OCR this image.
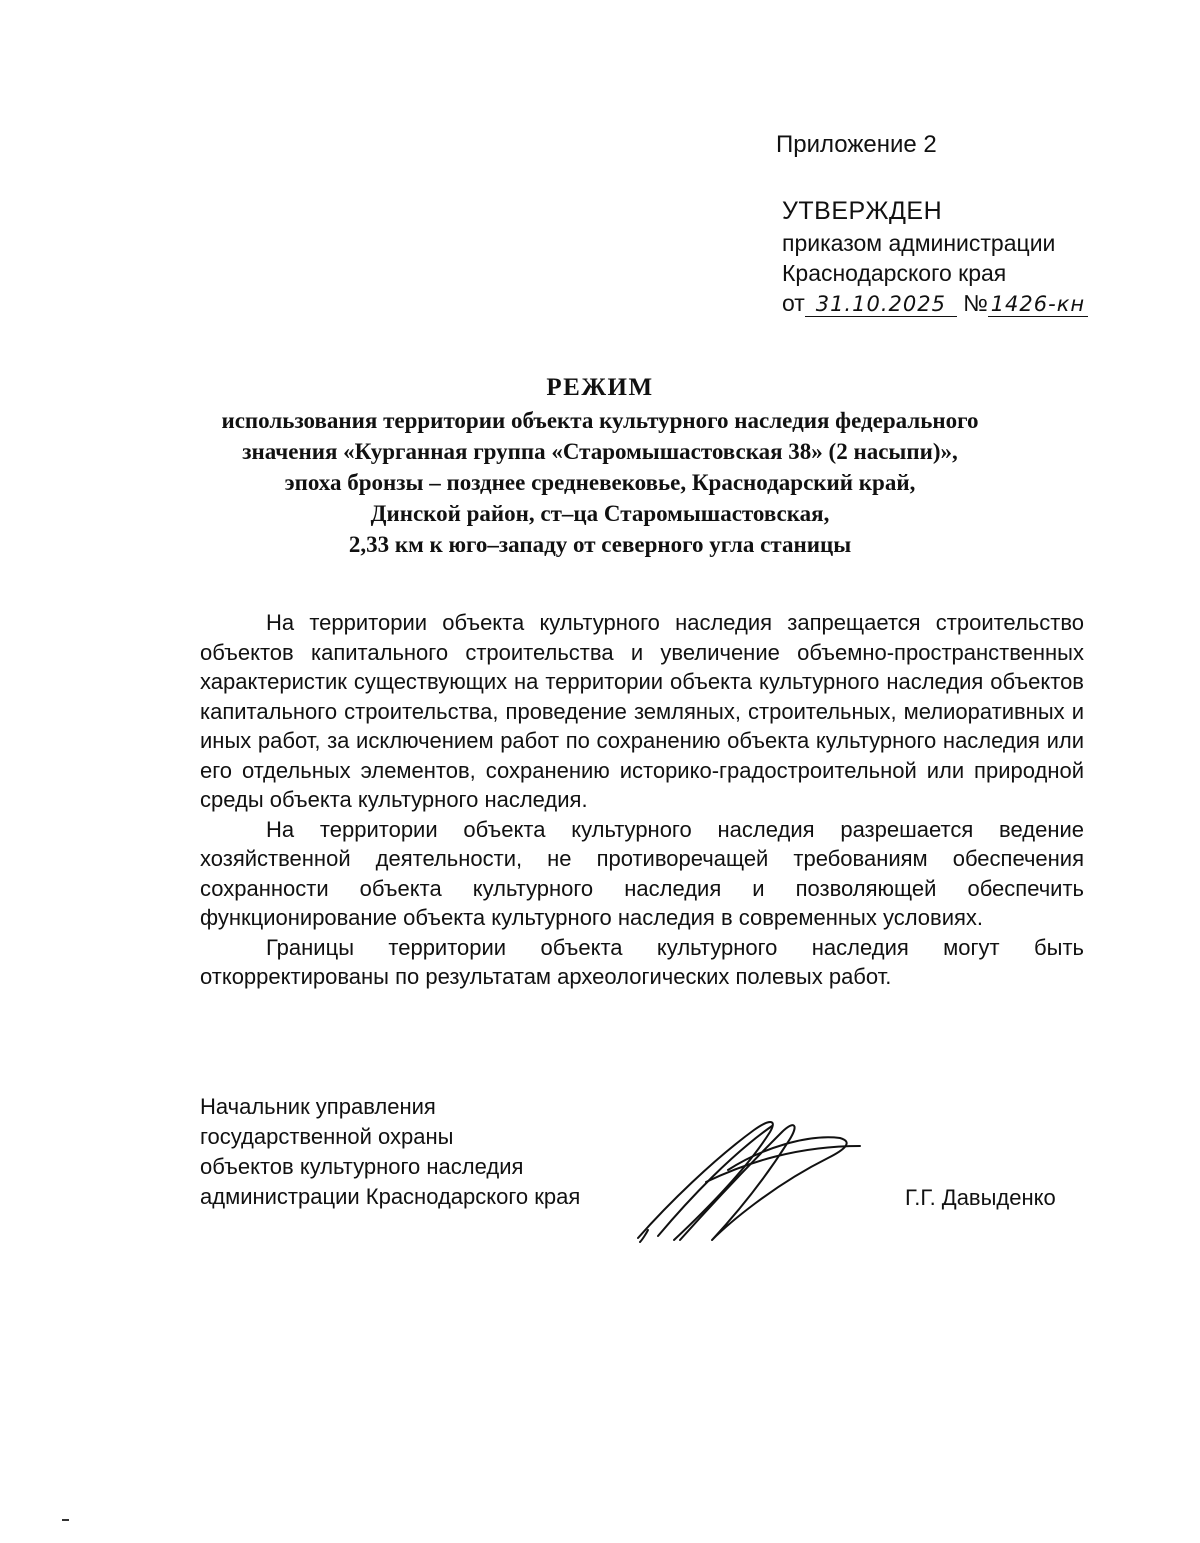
Приложение 2
УТВЕРЖДЕН
приказом администрации
Краснодарского края
от 31.10.2025 № 1426-кн
РЕЖИМ
использования территории объекта культурного наследия федерального
значения «Курганная группа «Старомышастовская 38» (2 насыпи)»,
эпоха бронзы – позднее средневековье, Краснодарский край,
Динской район, ст–ца Старомышастовская,
2,33 км к юго–западу от северного угла станицы

На территории объекта культурного наследия запрещается строительство объектов капитального строительства и увеличение объемно-пространственных характеристик существующих на территории объекта культурного наследия объектов капитального строительства, проведение земляных, строительных, мелиоративных и иных работ, за исключением работ по сохранению объекта культурного наследия или его отдельных элементов, сохранению историко-градостроительной или природной среды объекта культурного наследия.

На территории объекта культурного наследия разрешается ведение хозяйственной деятельности, не противоречащей требованиям обеспечения сохранности объекта культурного наследия и позволяющей обеспечить функционирование объекта культурного наследия в современных условиях.

Границы территории объекта культурного наследия могут быть откорректированы по результатам археологических полевых работ.

Начальник управления
государственной охраны
объектов культурного наследия
администрации Краснодарского края	Г.Г. Давыденко
